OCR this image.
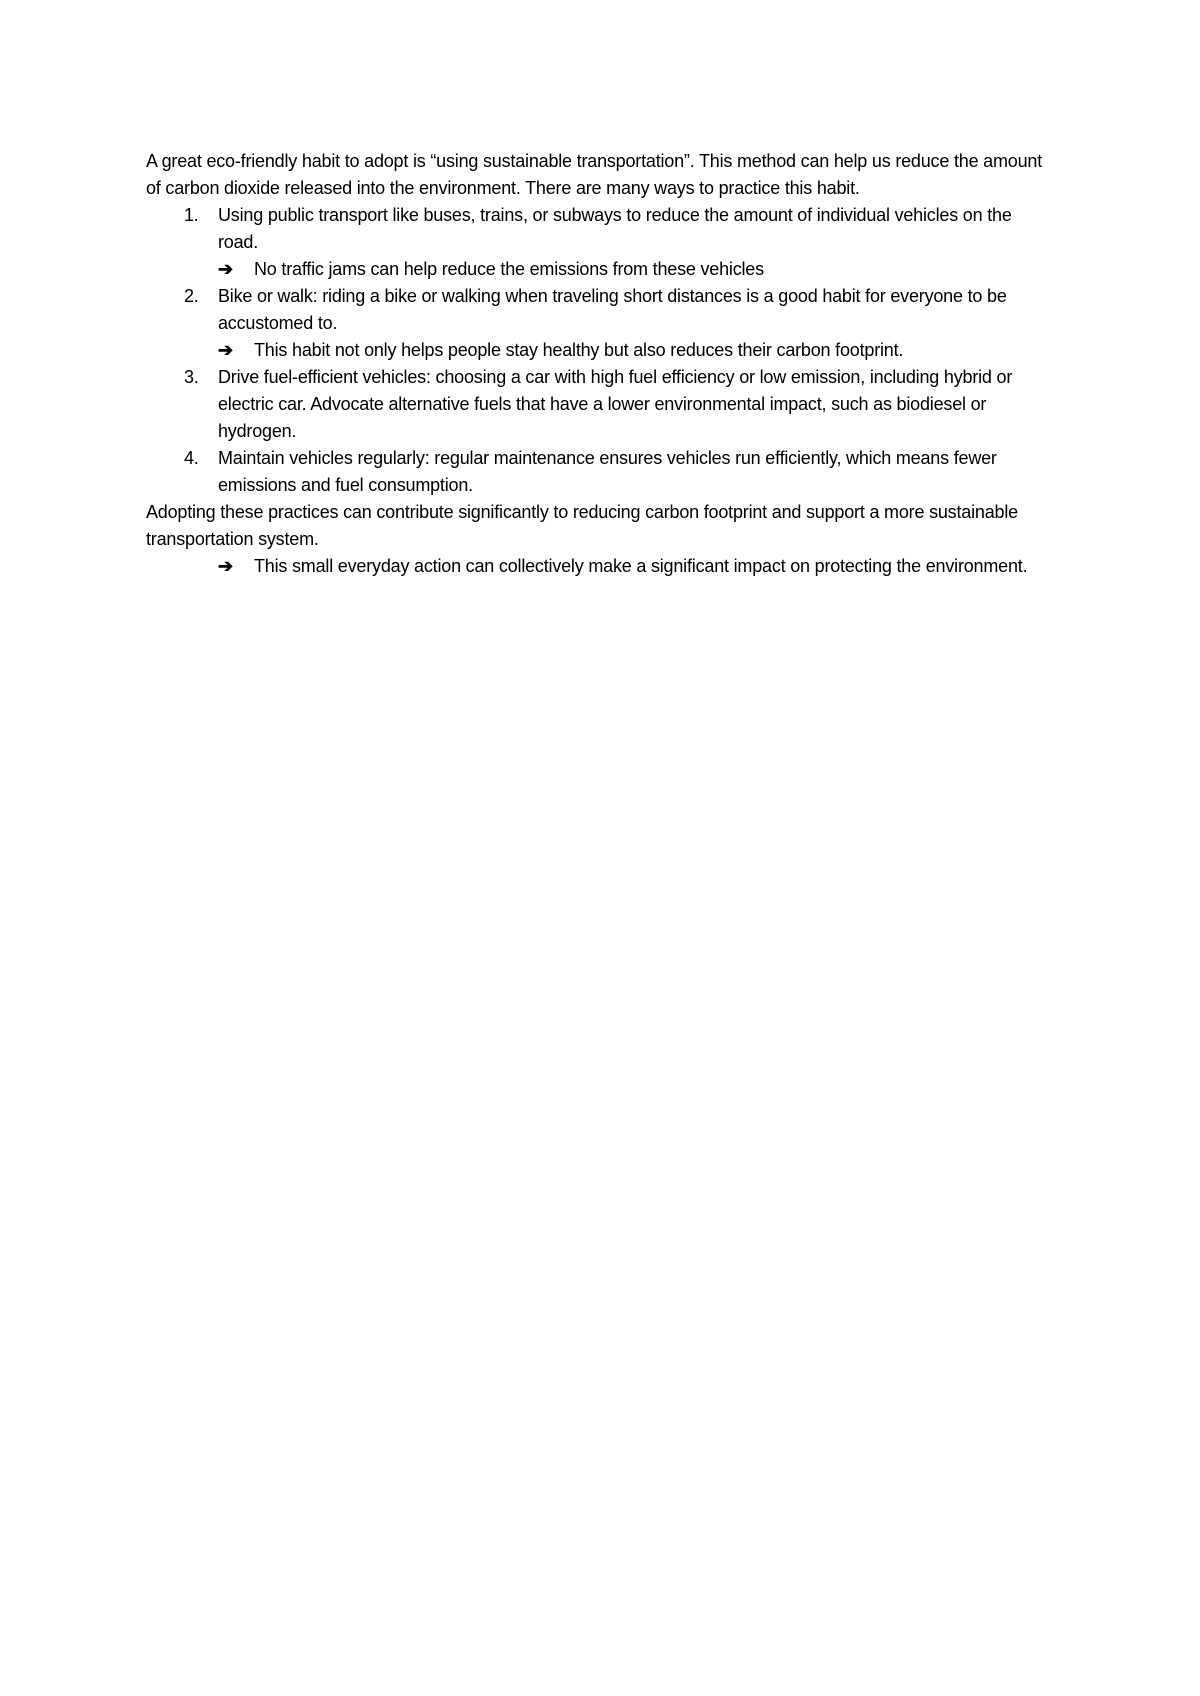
A great eco-friendly habit to adopt is “using sustainable transportation”. This method can help us reduce the amount of carbon dioxide released into the environment. There are many ways to practice this habit.

1.	Using public transport like buses, trains, or subways to reduce the amount of individual vehicles on the road.
➔ No traffic jams can help reduce the emissions from these vehicles
2.	Bike or walk: riding a bike or walking when traveling short distances is a good habit for everyone to be accustomed to.
➔ This habit not only helps people stay healthy but also reduces their carbon footprint.
3.	Drive fuel-efficient vehicles: choosing a car with high fuel efficiency or low emission, including hybrid or electric car. Advocate alternative fuels that have a lower environmental impact, such as biodiesel or hydrogen.
4.	Maintain vehicles regularly: regular maintenance ensures vehicles run efficiently, which means fewer emissions and fuel consumption.

Adopting these practices can contribute significantly to reducing carbon footprint and support a more sustainable transportation system.

➔ This small everyday action can collectively make a significant impact on protecting the environment.
